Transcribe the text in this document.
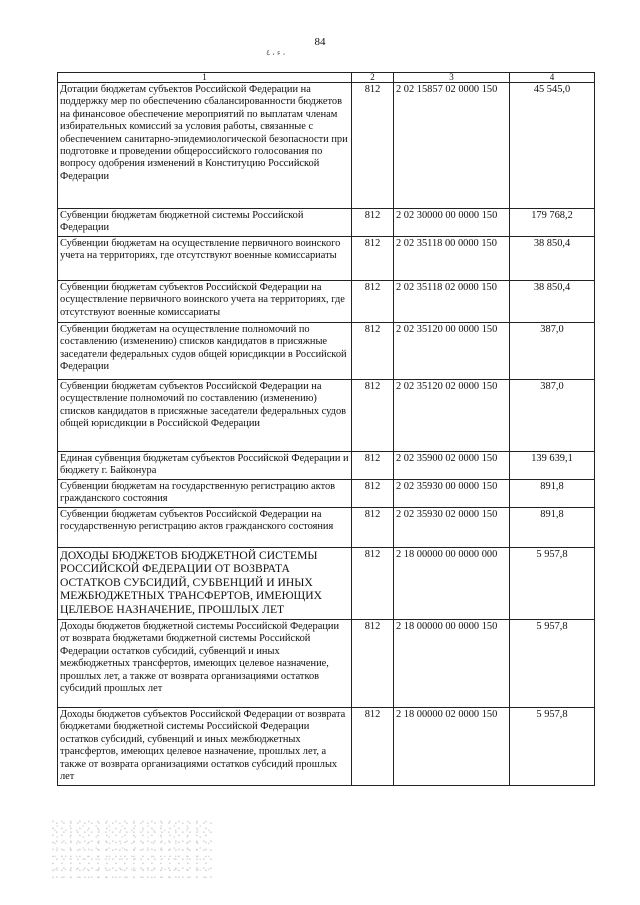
84
ء ، ٤ ،
1	2	3	4
Дотации бюджетам субъектов Российской Федерации на поддержку мер по обеспечению сбалансированности бюджетов на финансовое обеспечение мероприятий по выплатам членам избирательных комиссий за условия работы, связанные с обеспечением санитарно-эпидемиологической безопасности при подготовке и проведении общероссийского голосования по вопросу одобрения изменений в Конституцию Российской Федерации	812	2 02 15857 02 0000 150	45 545,0
Субвенции бюджетам бюджетной системы Российской Федерации	812	2 02 30000 00 0000 150	179 768,2
Субвенции бюджетам на осуществление первичного воинского учета на территориях, где отсутствуют военные комиссариаты	812	2 02 35118 00 0000 150	38 850,4
Субвенции бюджетам субъектов Российской Федерации на осуществление первичного воинского учета на территориях, где отсутствуют военные комиссариаты	812	2 02 35118 02 0000 150	38 850,4
Субвенции бюджетам на осуществление полномочий по составлению (изменению) списков кандидатов в присяжные заседатели федеральных судов общей юрисдикции в Российской Федерации	812	2 02 35120 00 0000 150	387,0
Субвенции бюджетам субъектов Российской Федерации на осуществление полномочий по составлению (изменению) списков кандидатов в присяжные заседатели федеральных судов общей юрисдикции в Российской Федерации	812	2 02 35120 02 0000 150	387,0
Единая субвенция бюджетам субъектов Российской Федерации и бюджету г. Байконура	812	2 02 35900 02 0000 150	139 639,1
Субвенции бюджетам на государственную регистрацию актов гражданского состояния	812	2 02 35930 00 0000 150	891,8
Субвенции бюджетам субъектов Российской Федерации на государственную регистрацию актов гражданского состояния	812	2 02 35930 02 0000 150	891,8
ДОХОДЫ БЮДЖЕТОВ БЮДЖЕТНОЙ СИСТЕМЫ РОССИЙСКОЙ ФЕДЕРАЦИИ ОТ ВОЗВРАТА ОСТАТКОВ СУБСИДИЙ, СУБВЕНЦИЙ И ИНЫХ МЕЖБЮДЖЕТНЫХ ТРАНСФЕРТОВ, ИМЕЮЩИХ ЦЕЛЕВОЕ НАЗНАЧЕНИЕ, ПРОШЛЫХ ЛЕТ	812	2 18 00000 00 0000 000	5 957,8
Доходы бюджетов бюджетной системы Российской Федерации от возврата бюджетами бюджетной системы Российской Федерации остатков субсидий, субвенций и иных межбюджетных трансфертов, имеющих целевое назначение, прошлых лет, а также от возврата организациями остатков субсидий прошлых лет	812	2 18 00000 00 0000 150	5 957,8
Доходы бюджетов субъектов Российской Федерации от возврата бюджетами бюджетной системы Российской Федерации остатков субсидий, субвенций и иных межбюджетных трансфертов, имеющих целевое назначение, прошлых лет, а также от возврата организациями остатков субсидий прошлых лет	812	2 18 00000 02 0000 150	5 957,8
